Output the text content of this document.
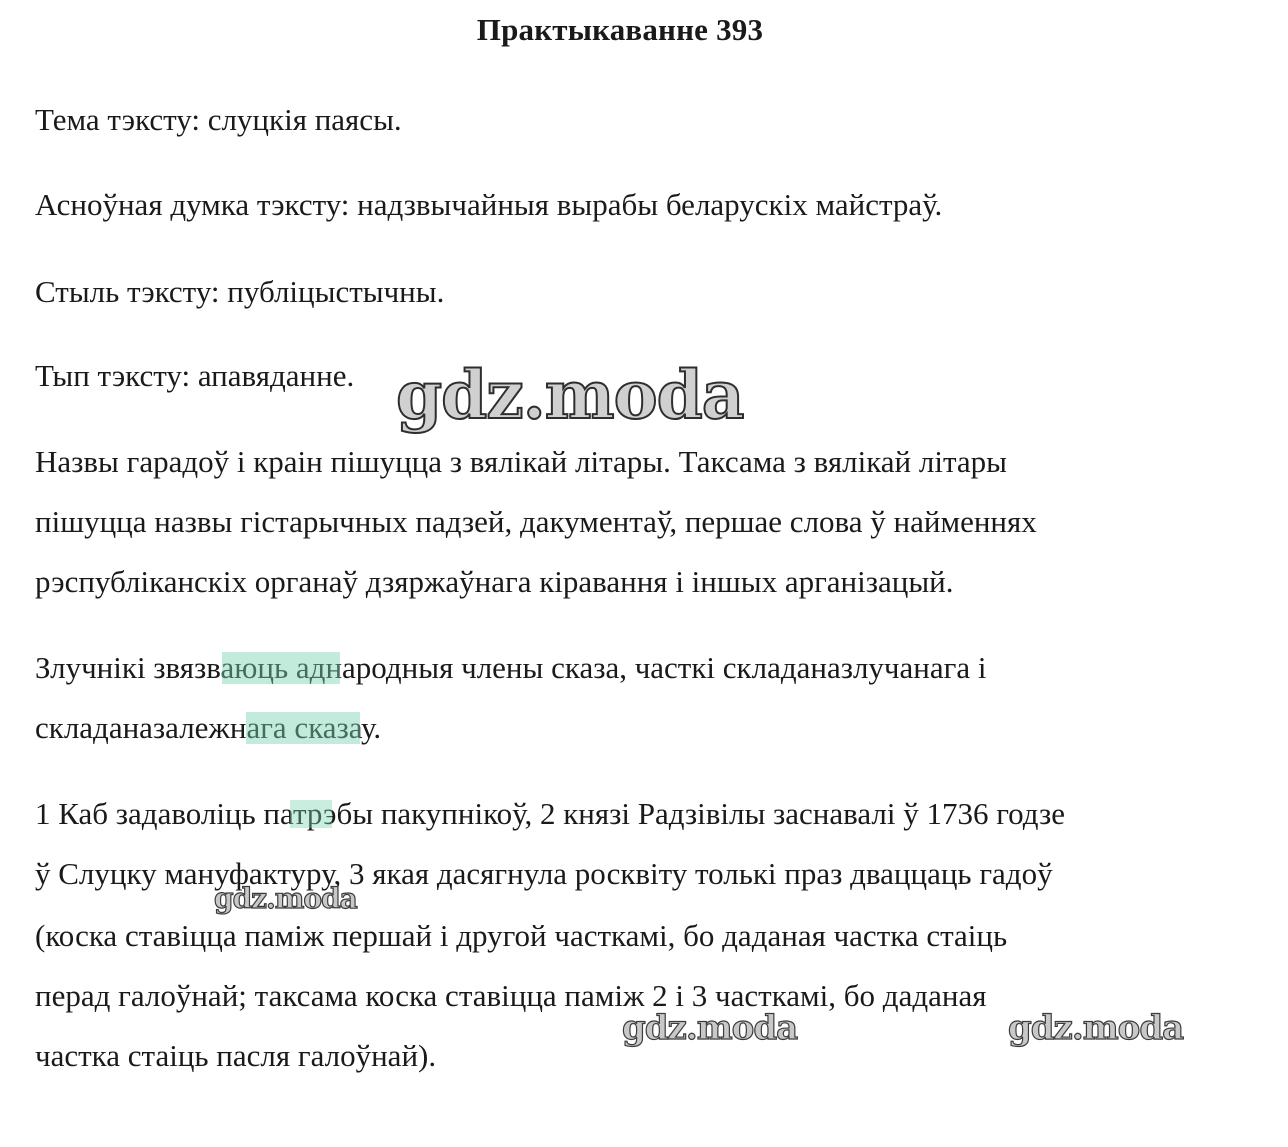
Практыкаванне 393
Тема тэксту: слуцкія паясы.
Асноўная думка тэксту: надзвычайныя вырабы беларускіх майстраў.
Стыль тэксту: публіцыстычны.
Тып тэксту: апавяданне.
Назвы гарадоў і краін пішуцца з вялікай літары. Таксама з вялікай літары
пішуцца назвы гістарычных падзей, дакументаў, першае слова ў найменнях
рэспубліканскіх органаў дзяржаўнага кіравання і іншых арганізацый.
Злучнікі звязваюць аднародныя члены сказа, часткі складаназлучанага і
складаназалежнага сказау.
1 Каб задаволіць патрэбы пакупнікоў, 2 князі Радзівілы заснавалі ў 1736 годзе
ў Слуцку мануфактуру, 3 якая дасягнула росквіту толькі праз дваццаць гадоў
(коска ставіцца паміж першай і другой часткамі, бо даданая частка стаіць
перад галоўнай; таксама коска ставіцца паміж 2 і 3 часткамі, бо даданая
частка стаіць пасля галоўнай).
gdz.moda
gdz.moda
gdz.moda	gdz.moda
